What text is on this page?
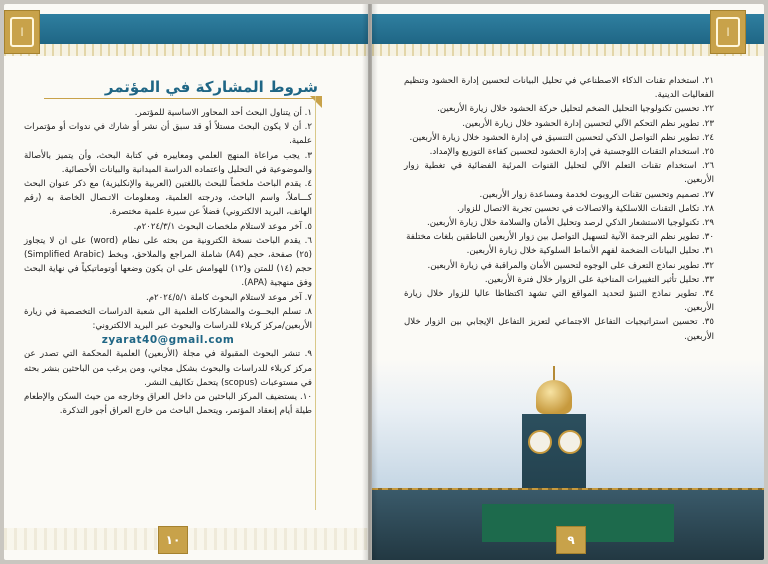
ا
شروط المشاركة في المؤتمر
١. أن يتناول البحث أحد المحاور الاساسية للمؤتمر.
٢. أن لا يكون البحث مستلاً أو قد سبق أن نشر أو شارك في ندوات أو مؤتمرات علمية.
٣. يجب مراعاة المنهج العلمي ومعاييره في كتابة البحث، وأن يتميز بالأصالة والموضوعية في التحليل واعتماده الدراسة الميدانية والبيانات الأحصائية.
٤. يقدم الباحث ملخصاً للبحث باللغتين (العربية والإنكليزية) مع ذكر عنوان البحث كـــاملاً، واسم الباحث، ودرجته العلمية، ومعلومات الاتـصال الخاصة به (رقم الهاتف، البريد الالكتروني) فضلاً عن سيرة علمية مختصرة.
٥. آخر موعد لاستلام ملخصات البحوث ٢٠٢٤/٣/١م.
٦. يقدم الباحث نسخة الكترونية من بحثه على نظام (word) على ان لا يتجاوز (٢٥) صفحة، حجم (A4) شاملة المراجع والملاحق، وبخط (Simplified Arabic) حجم (١٤) للمتن و(١٢) للهوامش على ان يكون وضعها أوتوماتيكياً في نهاية البحث وفق منهجية (APA).
٧. آخر موعد لاستلام البحوث كاملة ٢٠٢٤/٥/١م.
٨. تسلم البحــوث والمشاركات العلمية الى شعبة الدراسات التخصصية في زيارة الأربعين/مركز كربلاء للدراسات والبحوث عبر البريد الالكتروني:
zyarat40@gmail.com
٩. تنشر البحوث المقبولة في مجلة (الأربعين) العلمية المحكمة التي تصدر عن مركز كربلاء للدراسات والبحوث بشكل مجاني، ومن يرغب من الباحثين بنشر بحثه في مستوعبات (scopus) يتحمل تكاليف النشر.
١٠. يستضيف المركز الباحثين من داخل العراق وخارجه من حيث السكن والإطعام طيلة أيام إنعقاد المؤتمر، ويتحمل الباحث من خارج العراق أجور التذكرة.
١٠
ا
٢١. استخدام تقنات الذكاء الاصطناعي في تحليل البيانات لتحسين إدارة الحشود وتنظيم الفعاليات الدينية.
٢٢. تحسين تكنولوجيا التحليل الضخم لتحليل حركة الحشود خلال زيارة الأربعين.
٢٣. تطوير نظم التحكم الآلي لتحسين إدارة الحشود خلال زيارة الأربعين.
٢٤. تطوير نظم التواصل الذكي لتحسين التنسيق في إدارة الحشود خلال زيارة الأربعين.
٢٥. استخدام التقنات اللوجستية في إدارة الحشود لتحسين كفاءة التوزيع والإمداد.
٢٦. استخدام تقنات التعلم الآلي لتحليل القنوات المرئية الفضائية في تغطية زوار الأربعين.
٢٧. تصميم وتحسين تقنات الروبوت لخدمة ومساعدة زوار الأربعين.
٢٨. تكامل التقنات اللاسلكية والاتصالات في تحسين تجربة الاتصال للزوار.
٢٩. تكنولوجيا الاستشعار الذكي لرصد وتحليل الأمان والسلامة خلال زيارة الأربعين.
٣٠. تطوير نظم الترجمة الآنية لتسهيل التواصل بين زوار الأربعين الناطقين بلغات مختلفة
٣١. تحليل البيانات الضخمة لفهم الأنماط السلوكية خلال زيارة الأربعين.
٣٢. تطوير نماذج التعرف على الوجوه لتحسين الأمان والمراقبة في زيارة الأربعين.
٣٣. تحليل تأثير التغييرات المناخية على الزوار خلال فترة الأربعين.
٣٤. تطوير نماذج التنبؤ لتحديد المواقع التي تشهد اكتظاظا عاليا للزوار خلال زيارة الأربعين.
٣٥. تحسين استراتيجيات التفاعل الاجتماعي لتعزيز التفاعل الإيجابي بين الزوار خلال الأربعين.
٩
